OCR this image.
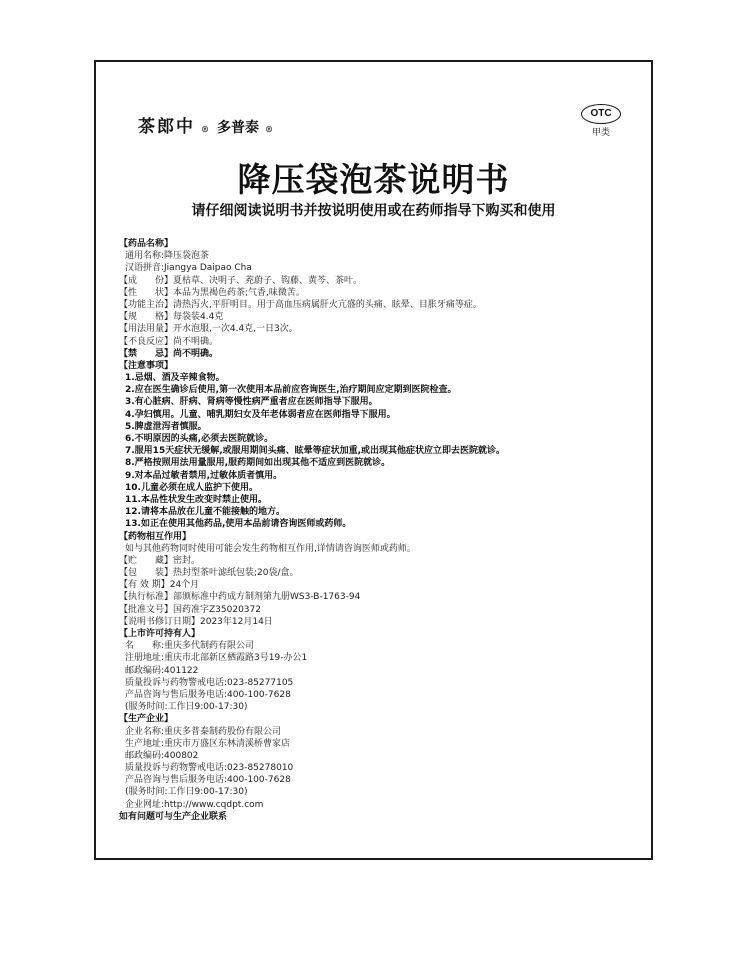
茶郎中 $_®$ 多普泰 ®
OTC
甲类
降压袋泡茶说明书
请仔细阅读说明书并按说明使用或在药师指导下购买和使用
【药品名称】
通用名称:降压袋泡茶
汉语拼音:Jiangya Daipao Cha
【成　　份】夏枯草、决明子、茺蔚子、钩藤、黄芩、茶叶。
【性　　状】本品为黑褐色药茶;气香,味微苦。
【功能主治】清热泻火,平肝明目。用于高血压病属肝火亢盛的头痛、眩晕、目胀牙痛等症。
【规　　格】每袋装4.4克
【用法用量】开水泡服,一次4.4克,一日3次。
【不良反应】尚不明确。
【禁　　忌】尚不明确。
【注意事项】
1.忌烟、酒及辛辣食物。
2.应在医生确诊后使用,第一次使用本品前应咨询医生,治疗期间应定期到医院检查。
3.有心脏病、肝病、肾病等慢性病严重者应在医师指导下服用。
4.孕妇慎用。儿童、哺乳期妇女及年老体弱者应在医师指导下服用。
5.脾虚泄泻者慎服。
6.不明原因的头痛,必须去医院就诊。
7.服用15天症状无缓解,或服用期间头痛、眩晕等症状加重,或出现其他症状应立即去医院就诊。
8.严格按照用法用量服用,服药期间如出现其他不适应到医院就诊。
9.对本品过敏者禁用,过敏体质者慎用。
10.儿童必须在成人监护下使用。
11.本品性状发生改变时禁止使用。
12.请将本品放在儿童不能接触的地方。
13.如正在使用其他药品,使用本品前请咨询医师或药师。
【药物相互作用】
如与其他药物同时使用可能会发生药物相互作用,详情请咨询医师或药师。
【贮　　藏】密封。
【包　　装】热封型茶叶滤纸包装;20袋/盒。
【有 效 期】24个月
【执行标准】部颁标准中药成方制剂第九册WS3-B-1763-94
【批准文号】国药准字Z35020372
【说明书修订日期】2023年12月14日
【上市许可持有人】
名　　称:重庆多代制药有限公司
注册地址:重庆市北部新区栖霞路3号19-办公1
邮政编码:401122
质量投诉与药物警戒电话:023-85277105
产品咨询与售后服务电话:400-100-7628
(服务时间:工作日9:00-17:30)
【生产企业】
企业名称:重庆多普泰制药股份有限公司
生产地址:重庆市万盛区东林清溪桥曹家店
邮政编码:400802
质量投诉与药物警戒电话:023-85278010
产品咨询与售后服务电话:400-100-7628
(服务时间:工作日9:00-17:30)
企业网址:http://www.cqdpt.com
如有问题可与生产企业联系
